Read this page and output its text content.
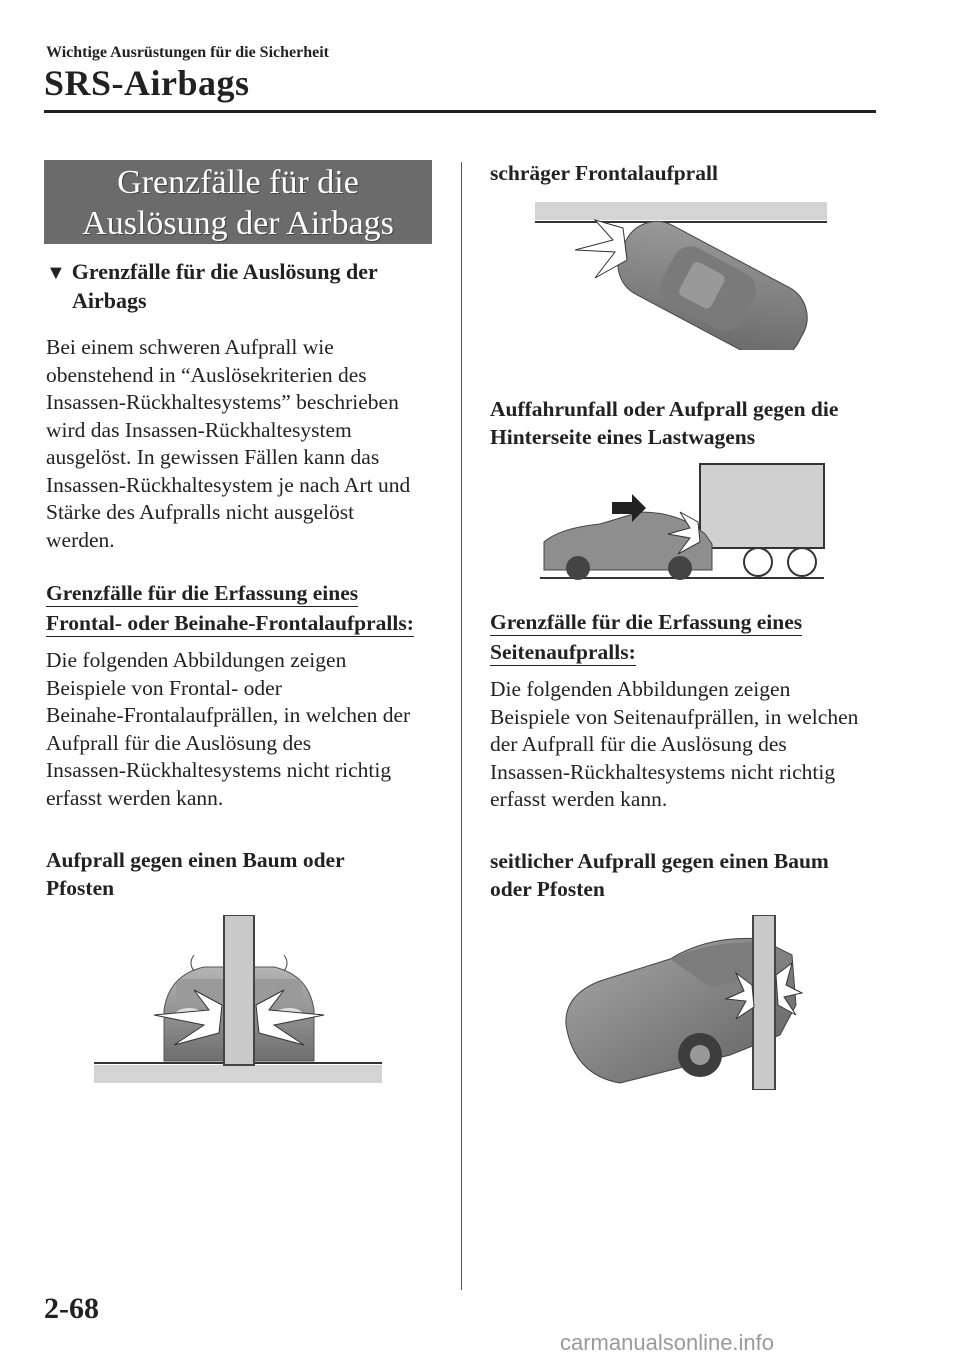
Wichtige Ausrüstungen für die Sicherheit
SRS-Airbags
Grenzfälle für die
Auslösung der Airbags
▼ Grenzfälle für die Auslösung der
Airbags
Bei einem schweren Aufprall wie
obenstehend in “Auslösekriterien des
Insassen-Rückhaltesystems” beschrieben
wird das Insassen-Rückhaltesystem
ausgelöst. In gewissen Fällen kann das
Insassen-Rückhaltesystem je nach Art und
Stärke des Aufpralls nicht ausgelöst
werden.
Grenzfälle für die Erfassung eines
Frontal- oder Beinahe-Frontalaufpralls:
Die folgenden Abbildungen zeigen
Beispiele von Frontal- oder
Beinahe-Frontalaufprällen, in welchen der
Aufprall für die Auslösung des
Insassen-Rückhaltesystems nicht richtig
erfasst werden kann.
Aufprall gegen einen Baum oder
Pfosten
schräger Frontalaufprall
Auffahrunfall oder Aufprall gegen die
Hinterseite eines Lastwagens
Grenzfälle für die Erfassung eines
Seitenaufpralls:
Die folgenden Abbildungen zeigen
Beispiele von Seitenaufprällen, in welchen
der Aufprall für die Auslösung des
Insassen-Rückhaltesystems nicht richtig
erfasst werden kann.
seitlicher Aufprall gegen einen Baum
oder Pfosten
2-68
carmanualsonline.info
